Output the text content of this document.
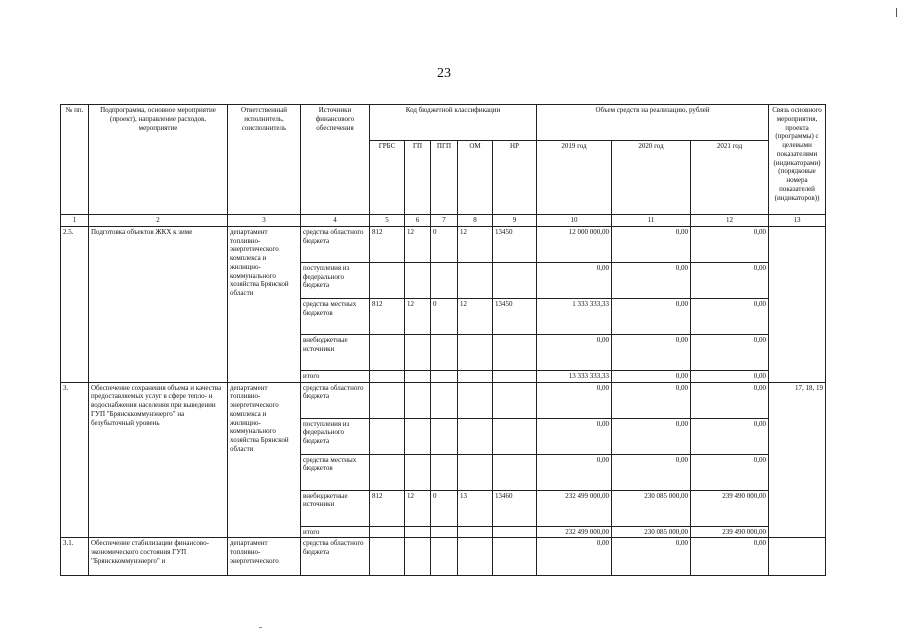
23
№ пп.	Подпрограмма, основное мероприятие (проект), направление расходов, мероприятие	Ответственный исполнитель, соисполнитель	Источники финансового обеспечения	Код бюджетной классификации					Объем средств на реализацию, рублей			Связь основного мероприятия, проекта (программы) с целевыми показателями (индикаторами) (порядковые номера показателей (индикаторов))
				ГРБС	ГП	ПГП	ОМ	НР	2019 год	2020 год	2021 год	
1	2	3	4	5	6	7	8	9	10	11	12	13
2.5.	Подготовка объектов ЖКХ к зиме	департамент топливно-энергетического комплекса и жилищно-коммунального хозяйства Брянской области	средства областного бюджета	812	12	0	12	13450	12 000 000,00	0,00	0,00	
			поступления из федерального бюджета						0,00	0,00	0,00	
			средства местных бюджетов	812	12	0	12	13450	1 333 333,33	0,00	0,00	
			внебюджетные источники						0,00	0,00	0,00	
			итого						13 333 333,33	0,00	0,00	
3.	Обеспечение сохранения объема и качества предоставляемых услуг в сфере тепло- и водоснабжения населения при выведении ГУП "Брянсккоммунэнерго" на безубыточный уровень	департамент топливно-энергетического комплекса и жилищно-коммунального хозяйства Брянской области	средства областного бюджета						0,00	0,00	0,00	17, 18, 19
			поступления из федерального бюджета						0,00	0,00	0,00	
			средства местных бюджетов						0,00	0,00	0,00	
			внебюджетные источники	812	12	0	13	13460	232 499 000,00	230 085 000,00	239 490 000,00	
			итого						232 499 000,00	230 085 000,00	239 490 000,00	
3.1.	Обеспечение стабилизации финансово-экономического состояния ГУП "Брянсккоммунэнерго" и	департамент топливно-энергетического	средства областного бюджета						0,00	0,00	0,00	
